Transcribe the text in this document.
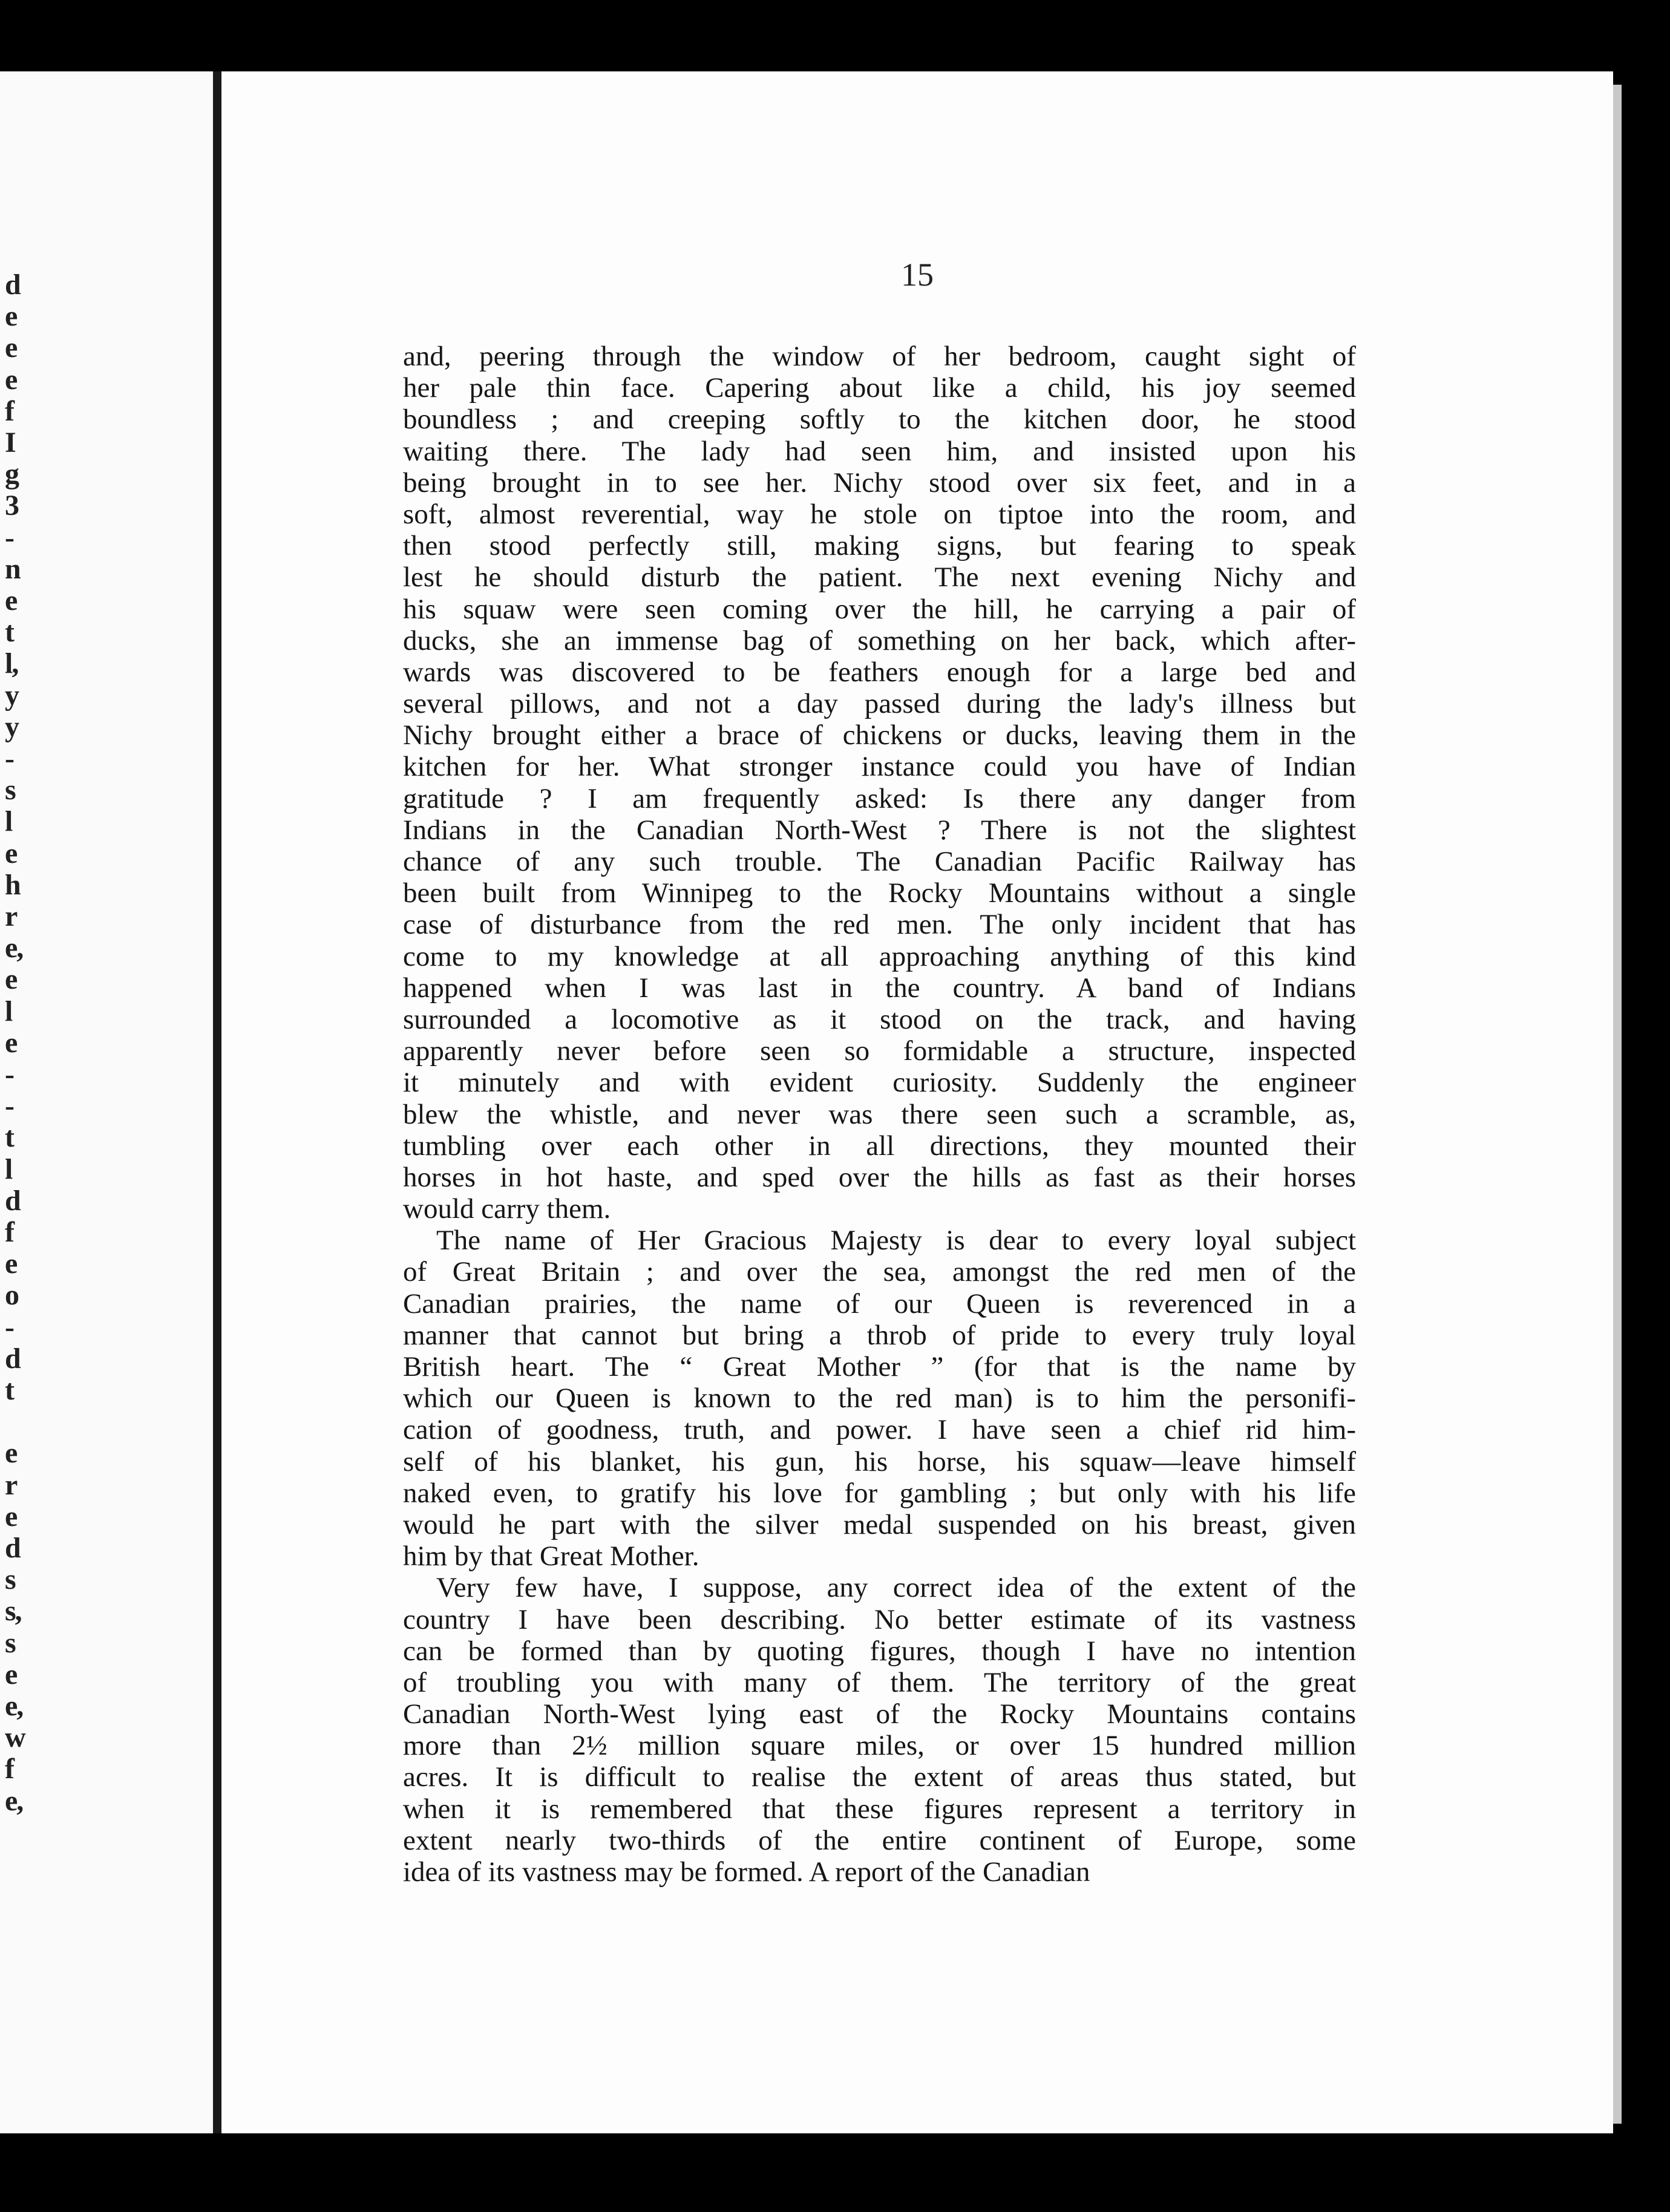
d
e
e
e
f
I
g
3
-
n
e
t
l,
y
y
-
s
l
e
h
r
e,
e
l
e
-
-
t
l
d
f
e
o
-
d
t
e
r
e
d
s
s,
s
e
e,
w
f
e,
15
and, peering through the window of her bedroom, caught sight of
her pale thin face. Capering about like a child, his joy seemed
boundless ; and creeping softly to the kitchen door, he stood
waiting there. The lady had seen him, and insisted upon his
being brought in to see her. Nichy stood over six feet, and in a
soft, almost reverential, way he stole on tiptoe into the room, and
then stood perfectly still, making signs, but fearing to speak
lest he should disturb the patient. The next evening Nichy and
his squaw were seen coming over the hill, he carrying a pair of
ducks, she an immense bag of something on her back, which after-
wards was discovered to be feathers enough for a large bed and
several pillows, and not a day passed during the lady's illness but
Nichy brought either a brace of chickens or ducks, leaving them in the
kitchen for her. What stronger instance could you have of Indian
gratitude ? I am frequently asked: Is there any danger from
Indians in the Canadian North-West ? There is not the slightest
chance of any such trouble. The Canadian Pacific Railway has
been built from Winnipeg to the Rocky Mountains without a single
case of disturbance from the red men. The only incident that has
come to my knowledge at all approaching anything of this kind
happened when I was last in the country. A band of Indians
surrounded a locomotive as it stood on the track, and having
apparently never before seen so formidable a structure, inspected
it minutely and with evident curiosity. Suddenly the engineer
blew the whistle, and never was there seen such a scramble, as,
tumbling over each other in all directions, they mounted their
horses in hot haste, and sped over the hills as fast as their horses
would carry them.
The name of Her Gracious Majesty is dear to every loyal subject
of Great Britain ; and over the sea, amongst the red men of the
Canadian prairies, the name of our Queen is reverenced in a
manner that cannot but bring a throb of pride to every truly loyal
British heart. The “ Great Mother ” (for that is the name by
which our Queen is known to the red man) is to him the personifi-
cation of goodness, truth, and power. I have seen a chief rid him-
self of his blanket, his gun, his horse, his squaw—leave himself
naked even, to gratify his love for gambling ; but only with his life
would he part with the silver medal suspended on his breast, given
him by that Great Mother.
Very few have, I suppose, any correct idea of the extent of the
country I have been describing. No better estimate of its vastness
can be formed than by quoting figures, though I have no intention
of troubling you with many of them. The territory of the great
Canadian North-West lying east of the Rocky Mountains contains
more than 2½ million square miles, or over 15 hundred million
acres. It is difficult to realise the extent of areas thus stated, but
when it is remembered that these figures represent a territory in
extent nearly two-thirds of the entire continent of Europe, some
idea of its vastness may be formed. A report of the Canadian
